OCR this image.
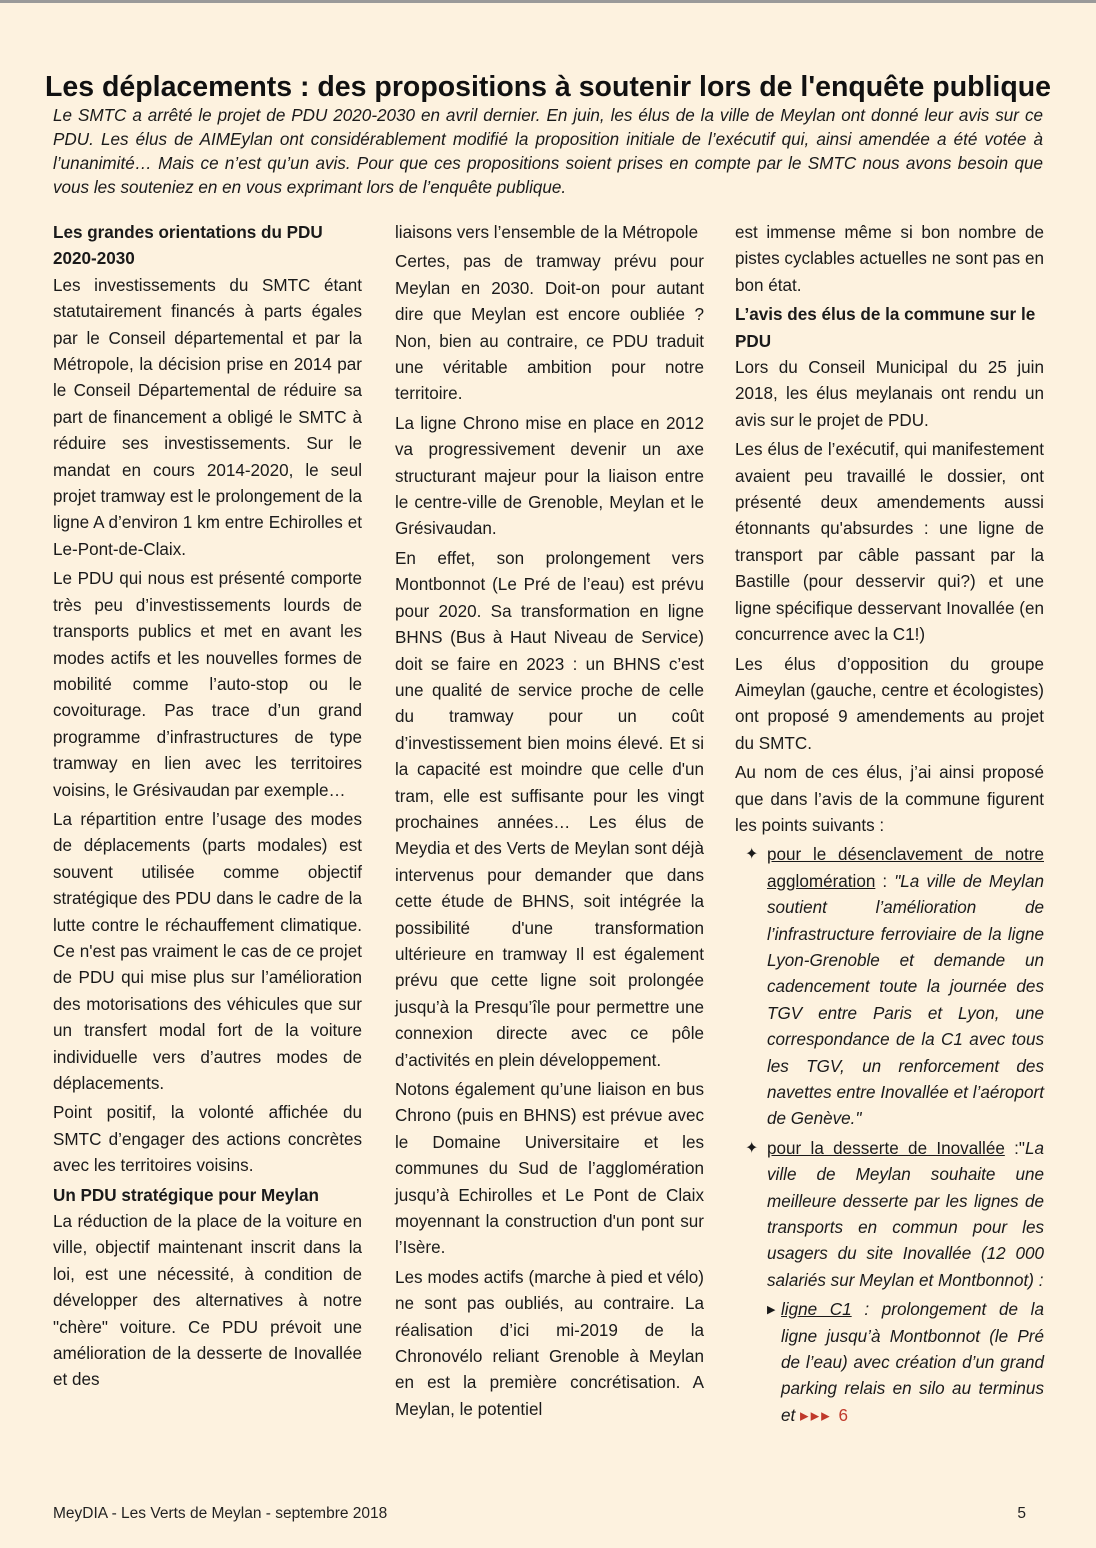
Les déplacements : des propositions à soutenir lors de l'enquête publique
Le SMTC a arrêté le projet de PDU 2020-2030 en avril dernier. En juin, les élus de la ville de Meylan ont donné leur avis sur ce PDU. Les élus de AIMEylan ont considérablement modifié la proposition initiale de l’exécutif qui, ainsi amendée a été votée à l’unanimité… Mais ce n’est qu’un avis. Pour que ces propositions soient prises en compte par le SMTC nous avons besoin que vous les souteniez en en vous exprimant lors de l’enquête publique.
Les grandes orientations du PDU 2020-2030

Les investissements du SMTC étant statutairement financés à parts égales par le Conseil départemental et par la Métropole, la décision prise en 2014 par le Conseil Départemental de réduire sa part de financement a obligé le SMTC à réduire ses investissements. Sur le mandat en cours 2014-2020, le seul projet tramway est le prolongement de la ligne A d’environ 1 km entre Echirolles et Le-Pont-de-Claix.

Le PDU qui nous est présenté comporte très peu d’investissements lourds de transports publics et met en avant les modes actifs et les nouvelles formes de mobilité comme l’auto-stop ou le covoiturage. Pas trace d’un grand programme d’infrastructures de type tramway en lien avec les territoires voisins, le Grésivaudan par exemple…

La répartition entre l’usage des modes de déplacements (parts modales) est souvent utilisée comme objectif stratégique des PDU dans le cadre de la lutte contre le réchauffement climatique. Ce n'est pas vraiment le cas de ce projet de PDU qui mise plus sur l’amélioration des motorisations des véhicules que sur un transfert modal fort de la voiture individuelle vers d’autres modes de déplacements.

Point positif, la volonté affichée du SMTC d’engager des actions concrètes avec les territoires voisins.

Un PDU stratégique pour Meylan

La réduction de la place de la voiture en ville, objectif maintenant inscrit dans la loi, est une nécessité, à condition de développer des alternatives à notre "chère" voiture. Ce PDU prévoit une amélioration de la desserte de Inovallée et des

liaisons vers l’ensemble de la Métropole

Certes, pas de tramway prévu pour Meylan en 2030. Doit-on pour autant dire que Meylan est encore oubliée ? Non, bien au contraire, ce PDU traduit une véritable ambition pour notre territoire.

La ligne Chrono mise en place en 2012 va progressivement devenir un axe structurant majeur pour la liaison entre le centre-ville de Grenoble, Meylan et le Grésivaudan.

En effet, son prolongement vers Montbonnot (Le Pré de l’eau) est prévu pour 2020. Sa transformation en ligne BHNS (Bus à Haut Niveau de Service) doit se faire en 2023 : un BHNS c’est une qualité de service proche de celle du tramway pour un coût d’investissement bien moins élevé. Et si la capacité est moindre que celle d'un tram, elle est suffisante pour les vingt prochaines années… Les élus de Meydia et des Verts de Meylan sont déjà intervenus pour demander que dans cette étude de BHNS, soit intégrée la possibilité d'une transformation ultérieure en tramway Il est également prévu que cette ligne soit prolongée jusqu’à la Presqu’île pour permettre une connexion directe avec ce pôle d’activités en plein développement.

Notons également qu’une liaison en bus Chrono (puis en BHNS) est prévue avec le Domaine Universitaire et les communes du Sud de l’agglomération jusqu’à Echirolles et Le Pont de Claix moyennant la construction d'un pont sur l’Isère.

Les modes actifs (marche à pied et vélo) ne sont pas oubliés, au contraire. La réalisation d’ici mi-2019 de la Chronovélo reliant Grenoble à Meylan en est la première concrétisation. A Meylan, le potentiel

est immense même si bon nombre de pistes cyclables actuelles ne sont pas en bon état.

L’avis des élus de la commune sur le PDU

Lors du Conseil Municipal du 25 juin 2018, les élus meylanais ont rendu un avis sur le projet de PDU.

Les élus de l’exécutif, qui manifestement avaient peu travaillé le dossier, ont présenté deux amendements aussi étonnants qu'absurdes : une ligne de transport par câble passant par la Bastille (pour desservir qui?) et une ligne spécifique desservant Inovallée (en concurrence avec la C1!)

Les élus d’opposition du groupe Aimeylan (gauche, centre et écologistes) ont proposé 9 amendements au projet du SMTC.

Au nom de ces élus, j’ai ainsi proposé que dans l’avis de la commune figurent les points suivants :

✦ pour le désenclavement de notre agglomération : "La ville de Meylan soutient l’amélioration de l’infrastructure ferroviaire de la ligne Lyon-Grenoble et demande un cadencement toute la journée des TGV entre Paris et Lyon, une correspondance de la C1 avec tous les TGV, un renforcement des navettes entre Inovallée et l’aéroport de Genève."
✦ pour la desserte de Inovallée :"La ville de Meylan souhaite une meilleure desserte par les lignes de transports en commun pour les usagers du site Inovallée (12 000 salariés sur Meylan et Montbonnot) :
▶ ligne C1 : prolongement de la ligne jusqu’à Montbonnot (le Pré de l’eau) avec création d’un grand parking relais en silo au terminus et ▸▸▸ 6
MeyDIA - Les Verts de Meylan - septembre 2018	5
